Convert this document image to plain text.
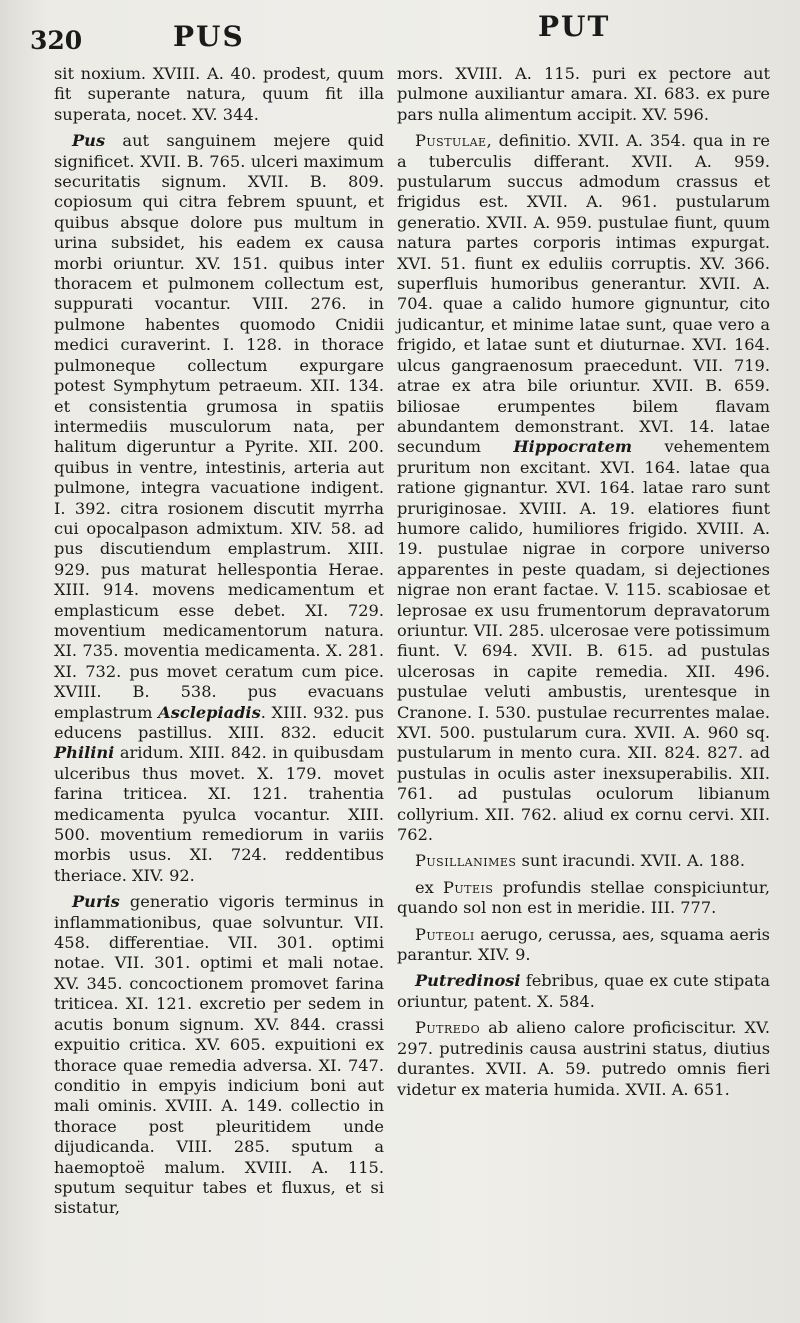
320	PUS	PUT

sit noxium. XVIII. A. 40. prodest, quum fit superante natura, quum fit illa superata, nocet. XV. 344.

Pus aut sanguinem mejere quid significet. XVII. B. 765. ulceri maximum securitatis signum. XVII. B. 809. copiosum qui citra febrem spuunt, et quibus absque dolore pus multum in urina subsidet, his eadem ex causa morbi oriuntur. XV. 151. quibus inter thoracem et pulmonem collectum est, suppurati vocantur. VIII. 276. in pulmone habentes quomodo Cnidii medici curaverint. I. 128. in thorace pulmoneque collectum expurgare potest Symphytum petraeum. XII. 134. et consistentia grumosa in spatiis intermediis musculorum nata, per halitum digeruntur a Pyrite. XII. 200. quibus in ventre, intestinis, arteria aut pulmone, integra vacuatione indigent. I. 392. citra rosionem discutit myrrha cui opocalpason admixtum. XIV. 58. ad pus discutiendum emplastrum. XIII. 929. pus maturat hellespontia Herae. XIII. 914. movens medicamentum et emplasticum esse debet. XI. 729. moventium medicamentorum natura. XI. 735. moventia medicamenta. X. 281. XI. 732. pus movet ceratum cum pice. XVIII. B. 538. pus evacuans emplastrum Asclepiadis. XIII. 932. pus educens pastillus. XIII. 832. educit Philini aridum. XIII. 842. in quibusdam ulceribus thus movet. X. 179. movet farina triticea. XI. 121. trahentia medicamenta pyulca vocantur. XIII. 500. moventium remediorum in variis morbis usus. XI. 724. reddentibus theriace. XIV. 92.

Puris generatio vigoris terminus in inflammationibus, quae solvuntur. VII. 458. differentiae. VII. 301. optimi notae. VII. 301. optimi et mali notae. XV. 345. concoctionem promovet farina triticea. XI. 121. excretio per sedem in acutis bonum signum. XV. 844. crassi expuitio critica. XV. 605. expuitioni ex thorace quae remedia adversa. XI. 747. conditio in empyis indicium boni aut mali ominis. XVIII. A. 149. collectio in thorace post pleuritidem unde dijudicanda. VIII. 285. sputum a haemoptoë malum. XVIII. A. 115. sputum sequitur tabes et fluxus, et si sistatur,

mors. XVIII. A. 115. puri ex pectore aut pulmone auxiliantur amara. XI. 683. ex pure pars nulla alimentum accipit. XV. 596.

Pustulae, definitio. XVII. A. 354. qua in re a tuberculis differant. XVII. A. 959. pustularum succus admodum crassus et frigidus est. XVII. A. 961. pustularum generatio. XVII. A. 959. pustulae fiunt, quum natura partes corporis intimas expurgat. XVI. 51. fiunt ex eduliis corruptis. XV. 366. superfluis humoribus generantur. XVII. A. 704. quae a calido humore gignuntur, cito judicantur, et minime latae sunt, quae vero a frigido, et latae sunt et diuturnae. XVI. 164. ulcus gangraenosum praecedunt. VII. 719. atrae ex atra bile oriuntur. XVII. B. 659. biliosae erumpentes bilem flavam abundantem demonstrant. XVI. 14. latae secundum Hippocratem vehementem pruritum non excitant. XVI. 164. latae qua ratione gignantur. XVI. 164. latae raro sunt pruriginosae. XVIII. A. 19. elatiores fiunt humore calido, humiliores frigido. XVIII. A. 19. pustulae nigrae in corpore universo apparentes in peste quadam, si dejectiones nigrae non erant factae. V. 115. scabiosae et leprosae ex usu frumentorum depravatorum oriuntur. VII. 285. ulcerosae vere potissimum fiunt. V. 694. XVII. B. 615. ad pustulas ulcerosas in capite remedia. XII. 496. pustulae veluti ambustis, urentesque in Cranone. I. 530. pustulae recurrentes malae. XVI. 500. pustularum cura. XVII. A. 960 sq. pustularum in mento cura. XII. 824. 827. ad pustulas in oculis aster inexsuperabilis. XII. 761. ad pustulas oculorum libianum collyrium. XII. 762. aliud ex cornu cervi. XII. 762.

Pusillanimes sunt iracundi. XVII. A. 188.

ex Puteis profundis stellae conspiciuntur, quando sol non est in meridie. III. 777.

Puteoli aerugo, cerussa, aes, squama aeris parantur. XIV. 9.

Putredinosi febribus, quae ex cute stipata oriuntur, patent. X. 584.

Putredo ab alieno calore proficiscitur. XV. 297. putredinis causa austrini status, diutius durantes. XVII. A. 59. putredo omnis fieri videtur ex materia humida. XVII. A. 651.
